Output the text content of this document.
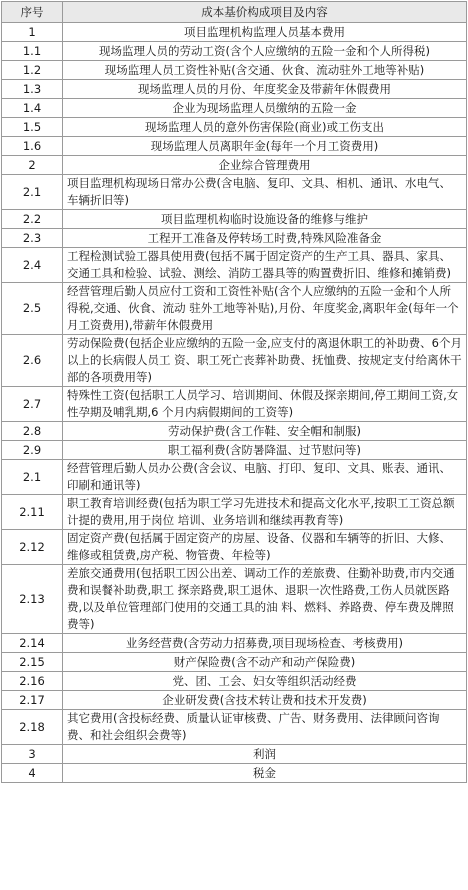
序号	成本基价构成项目及内容
1	项目监理机构监理人员基本费用
1.1	现场监理人员的劳动工资(含个人应缴纳的五险一金和个人所得税)
1.2	现场监理人员工资性补贴(含交通、伙食、流动驻外工地等补贴)
1.3	现场监理人员的月份、年度奖金及带薪年休假费用
1.4	企业为现场监理人员缴纳的五险一金
1.5	现场监理人员的意外伤害保险(商业)或工伤支出
1.6	现场监理人员离职年金(每年一个月工资费用)
2	企业综合管理费用
2.1	项目监理机构现场日常办公费(含电脑、复印、文具、相机、通讯、水电气、车辆折旧等)
2.2	项目监理机构临时设施设备的维修与维护
2.3	工程开工准备及停转场工时费,特殊风险准备金
2.4	工程检测试验工器具使用费(包括不属于固定资产的生产工具、器具、家具、交通工具和检验、试验、测绘、消防工器具等的购置费折旧、维修和摊销费)
2.5	经营管理后勤人员应付工资和工资性补贴(含个人应缴纳的五险一金和个人所得税,交通、伙食、流动 驻外工地等补贴),月份、年度奖金,离职年金(每年一个月工资费用),带薪年休假费用
2.6	劳动保险费(包括企业应缴纳的五险一金,应支付的离退休职工的补助费、6个月以上的长病假人员工 资、职工死亡丧葬补助费、抚恤费、按规定支付给离休干部的各项费用等)
2.7	特殊性工资(包括职工人员学习、培训期间、休假及探亲期间,停工期间工资,女性孕期及哺乳期,6 个月内病假期间的工资等)
2.8	劳动保护费(含工作鞋、安全帽和制服)
2.9	职工福利费(含防暑降温、过节慰问等)
2.1	经营管理后勤人员办公费(含会议、电脑、打印、复印、文具、账表、通讯、印刷和通讯等)
2.11	职工教育培训经费(包括为职工学习先进技术和提高文化水平,按职工工资总额计提的费用,用于岗位 培训、业务培训和继续再教育等)
2.12	固定资产费(包括属于固定资产的房屋、设备、仪器和车辆等的折旧、大修、维修或租赁费,房产税、物管费、年检等)
2.13	差旅交通费用(包括职工因公出差、调动工作的差旅费、住勤补助费,市内交通费和误餐补助费,职工 探亲路费,职工退休、退职一次性路费,工伤人员就医路费,以及单位管理部门使用的交通工具的油 料、燃料、养路费、停车费及牌照费等)
2.14	业务经营费(含劳动力招募费,项目现场检查、考核费用)
2.15	财产保险费(含不动产和动产保险费)
2.16	党、团、工会、妇女等组织活动经费
2.17	企业研发费(含技术转让费和技术开发费)
2.18	其它费用(含投标经费、质量认证审核费、广告、财务费用、法律顾问咨询费、和社会组织会费等)
3	利润
4	税金
